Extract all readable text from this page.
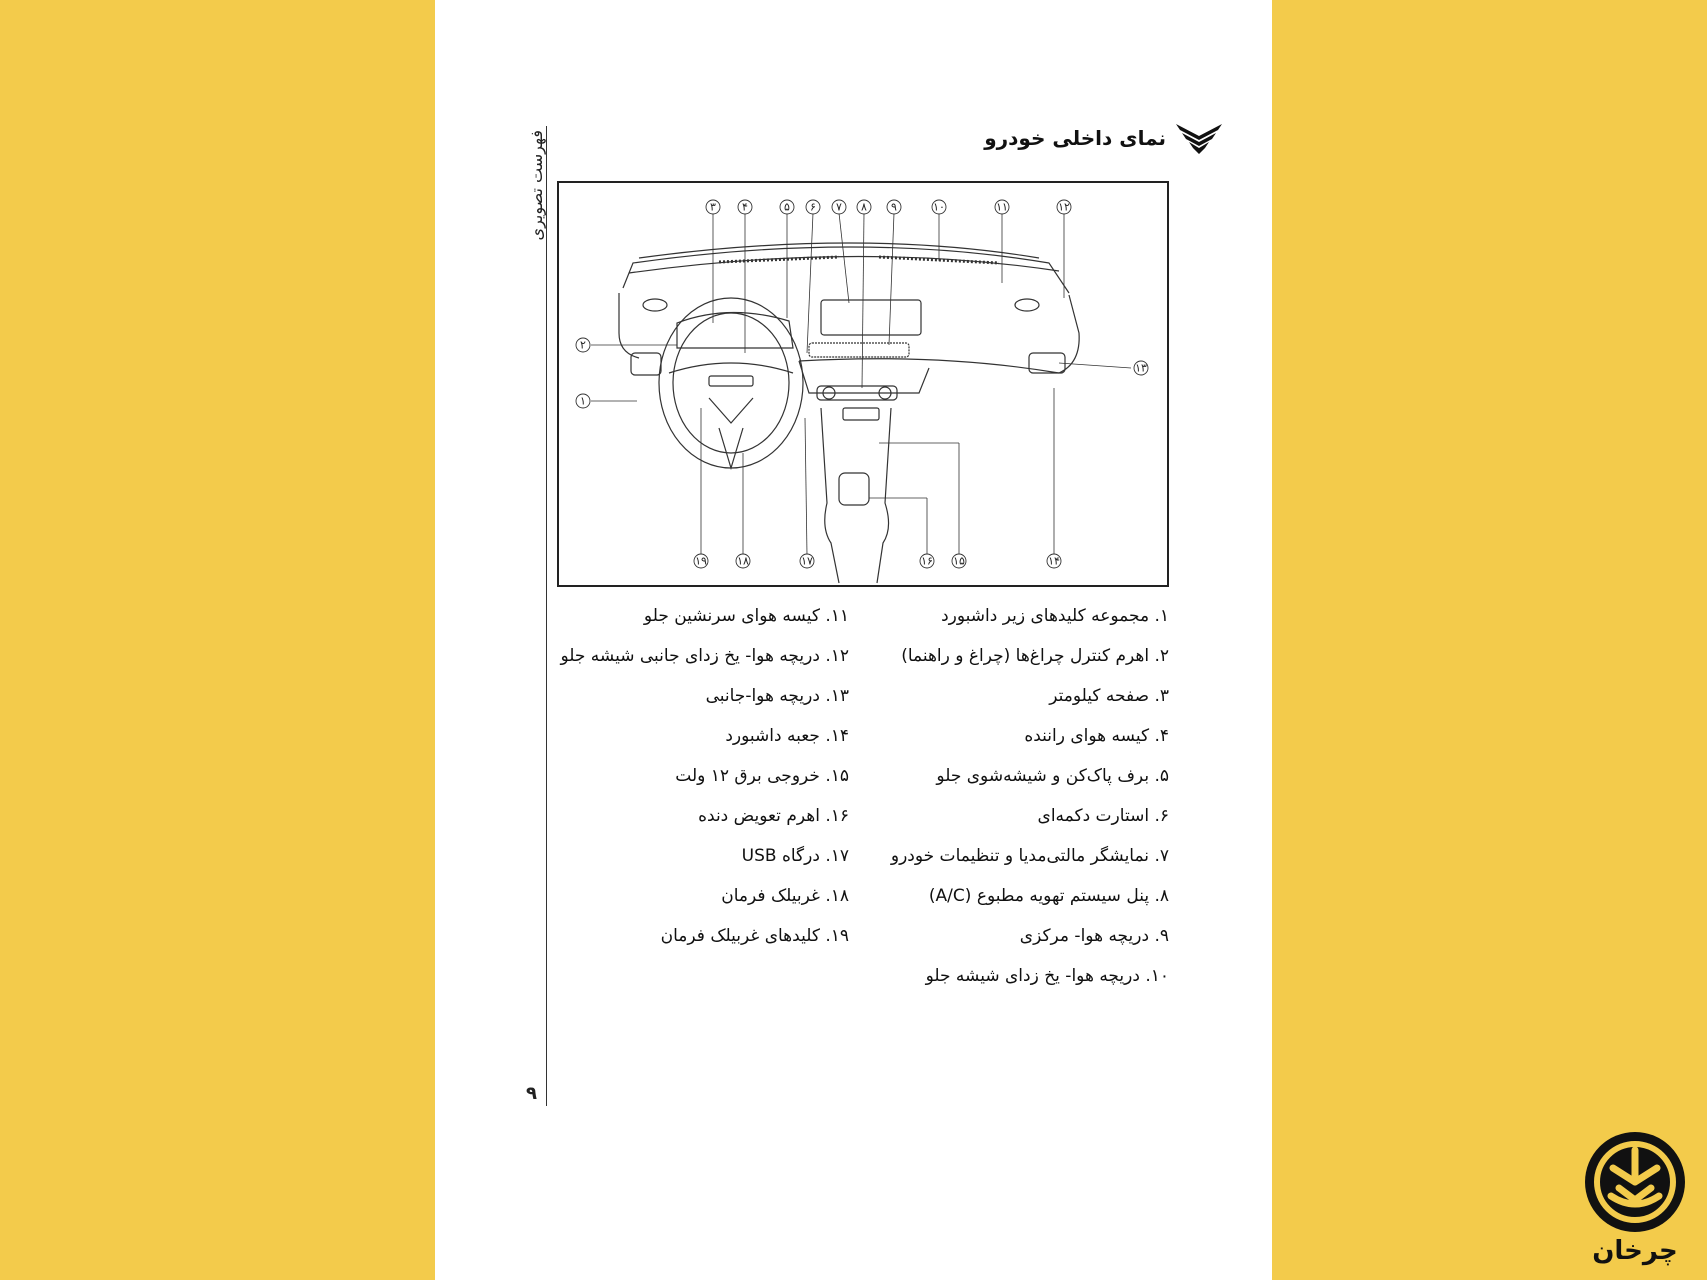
فهرست تصویری
۹
نمای داخلی خودرو
۱
۲
۳ ۴	۵ ۶ ۷ ۸ ۹	۱۰	۱۱	۱۲
۱۳
۱۴
۱۵
۱۶
۱۷
۱۸
۱۹
۱. مجموعه کلیدهای زیر داشبورد
۲. اهرم کنترل چراغ‌ها (چراغ و راهنما)
۳. صفحه کیلومتر
۴. کیسه هوای راننده
۵. برف پاک‌کن و شیشه‌شوی جلو
۶. استارت دکمه‌ای
۷. نمایشگر مالتی‌مدیا و تنظیمات خودرو
۸. پنل سیستم تهویه مطبوع (A/C)
۹. دریچه هوا- مرکزی
۱۰. دریچه هوا- یخ زدای شیشه جلو
۱۱. کیسه هوای سرنشین جلو
۱۲. دریچه هوا- یخ زدای جانبی شیشه جلو
۱۳. دریچه هوا-جانبی
۱۴. جعبه داشبورد
۱۵. خروجی برق ۱۲ ولت
۱۶. اهرم تعویض دنده
۱۷. درگاه USB
۱۸. غربیلک فرمان
۱۹. کلیدهای غربیلک فرمان
چرخان
